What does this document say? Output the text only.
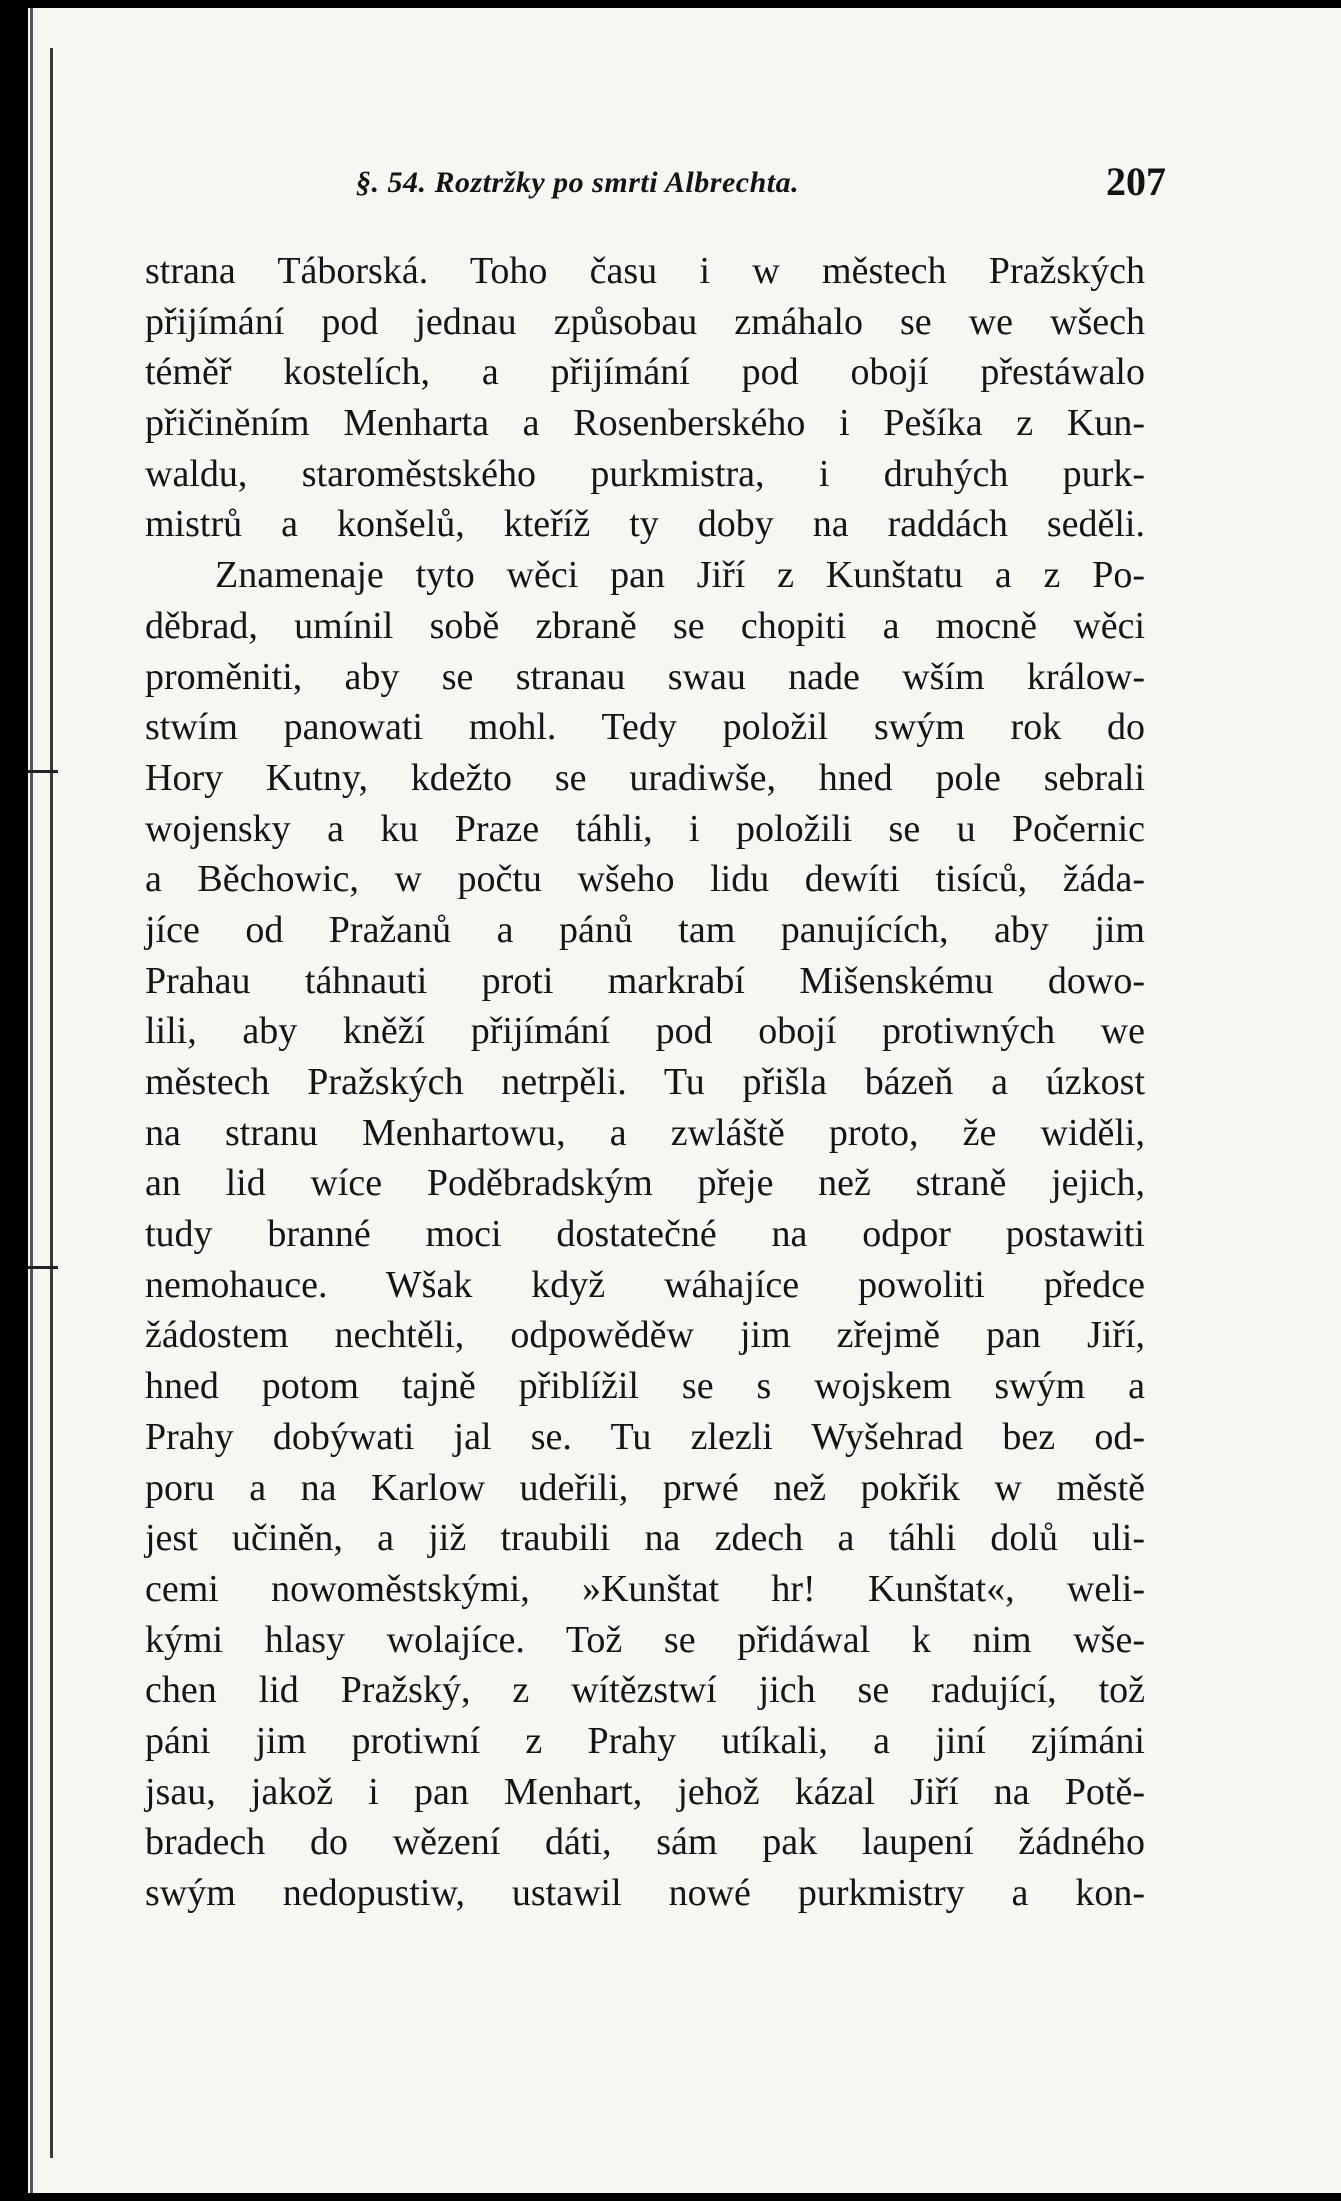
§. 54. Roztržky po smrti Albrechta.	207
strana Táborská. Toho času i w městech Pražských
přijímání pod jednau způsobau zmáhalo se we wšech
téměř kostelích, a přijímání pod obojí přestáwalo
přičiněním Menharta a Rosenberského i Pešíka z Kun-
waldu, staroměstského purkmistra, i druhých purk-
mistrů a konšelů, kteříž ty doby na raddách seděli.
Znamenaje tyto wěci pan Jiří z Kunštatu a z Po-
děbrad, umínil sobě zbraně se chopiti a mocně wěci
proměniti, aby se stranau swau nade wším králow-
stwím panowati mohl. Tedy položil swým rok do
Hory Kutny, kdežto se uradiwše, hned pole sebrali
wojensky a ku Praze táhli, i položili se u Počernic
a Běchowic, w počtu wšeho lidu dewíti tisíců, žáda-
jíce od Pražanů a pánů tam panujících, aby jim
Prahau táhnauti proti markrabí Mišenskému dowo-
lili, aby kněží přijímání pod obojí protiwných we
městech Pražských netrpěli. Tu přišla bázeň a úzkost
na stranu Menhartowu, a zwláště proto, že widěli,
an lid wíce Poděbradským přeje než straně jejich,
tudy branné moci dostatečné na odpor postawiti
nemohauce. Wšak když wáhajíce powoliti předce
žádostem nechtěli, odpowěděw jim zřejmě pan Jiří,
hned potom tajně přiblížil se s wojskem swým a
Prahy dobýwati jal se. Tu zlezli Wyšehrad bez od-
poru a na Karlow udeřili, prwé než pokřik w městě
jest učiněn, a již traubili na zdech a táhli dolů uli-
cemi nowoměstskými, »Kunštat hr! Kunštat«, weli-
kými hlasy wolajíce. Tož se přidáwal k nim wše-
chen lid Pražský, z wítězstwí jich se radující, tož
páni jim protiwní z Prahy utíkali, a jiní zjímáni
jsau, jakož i pan Menhart, jehož kázal Jiří na Potě-
bradech do wězení dáti, sám pak laupení žádného
swým nedopustiw, ustawil nowé purkmistry a kon-
